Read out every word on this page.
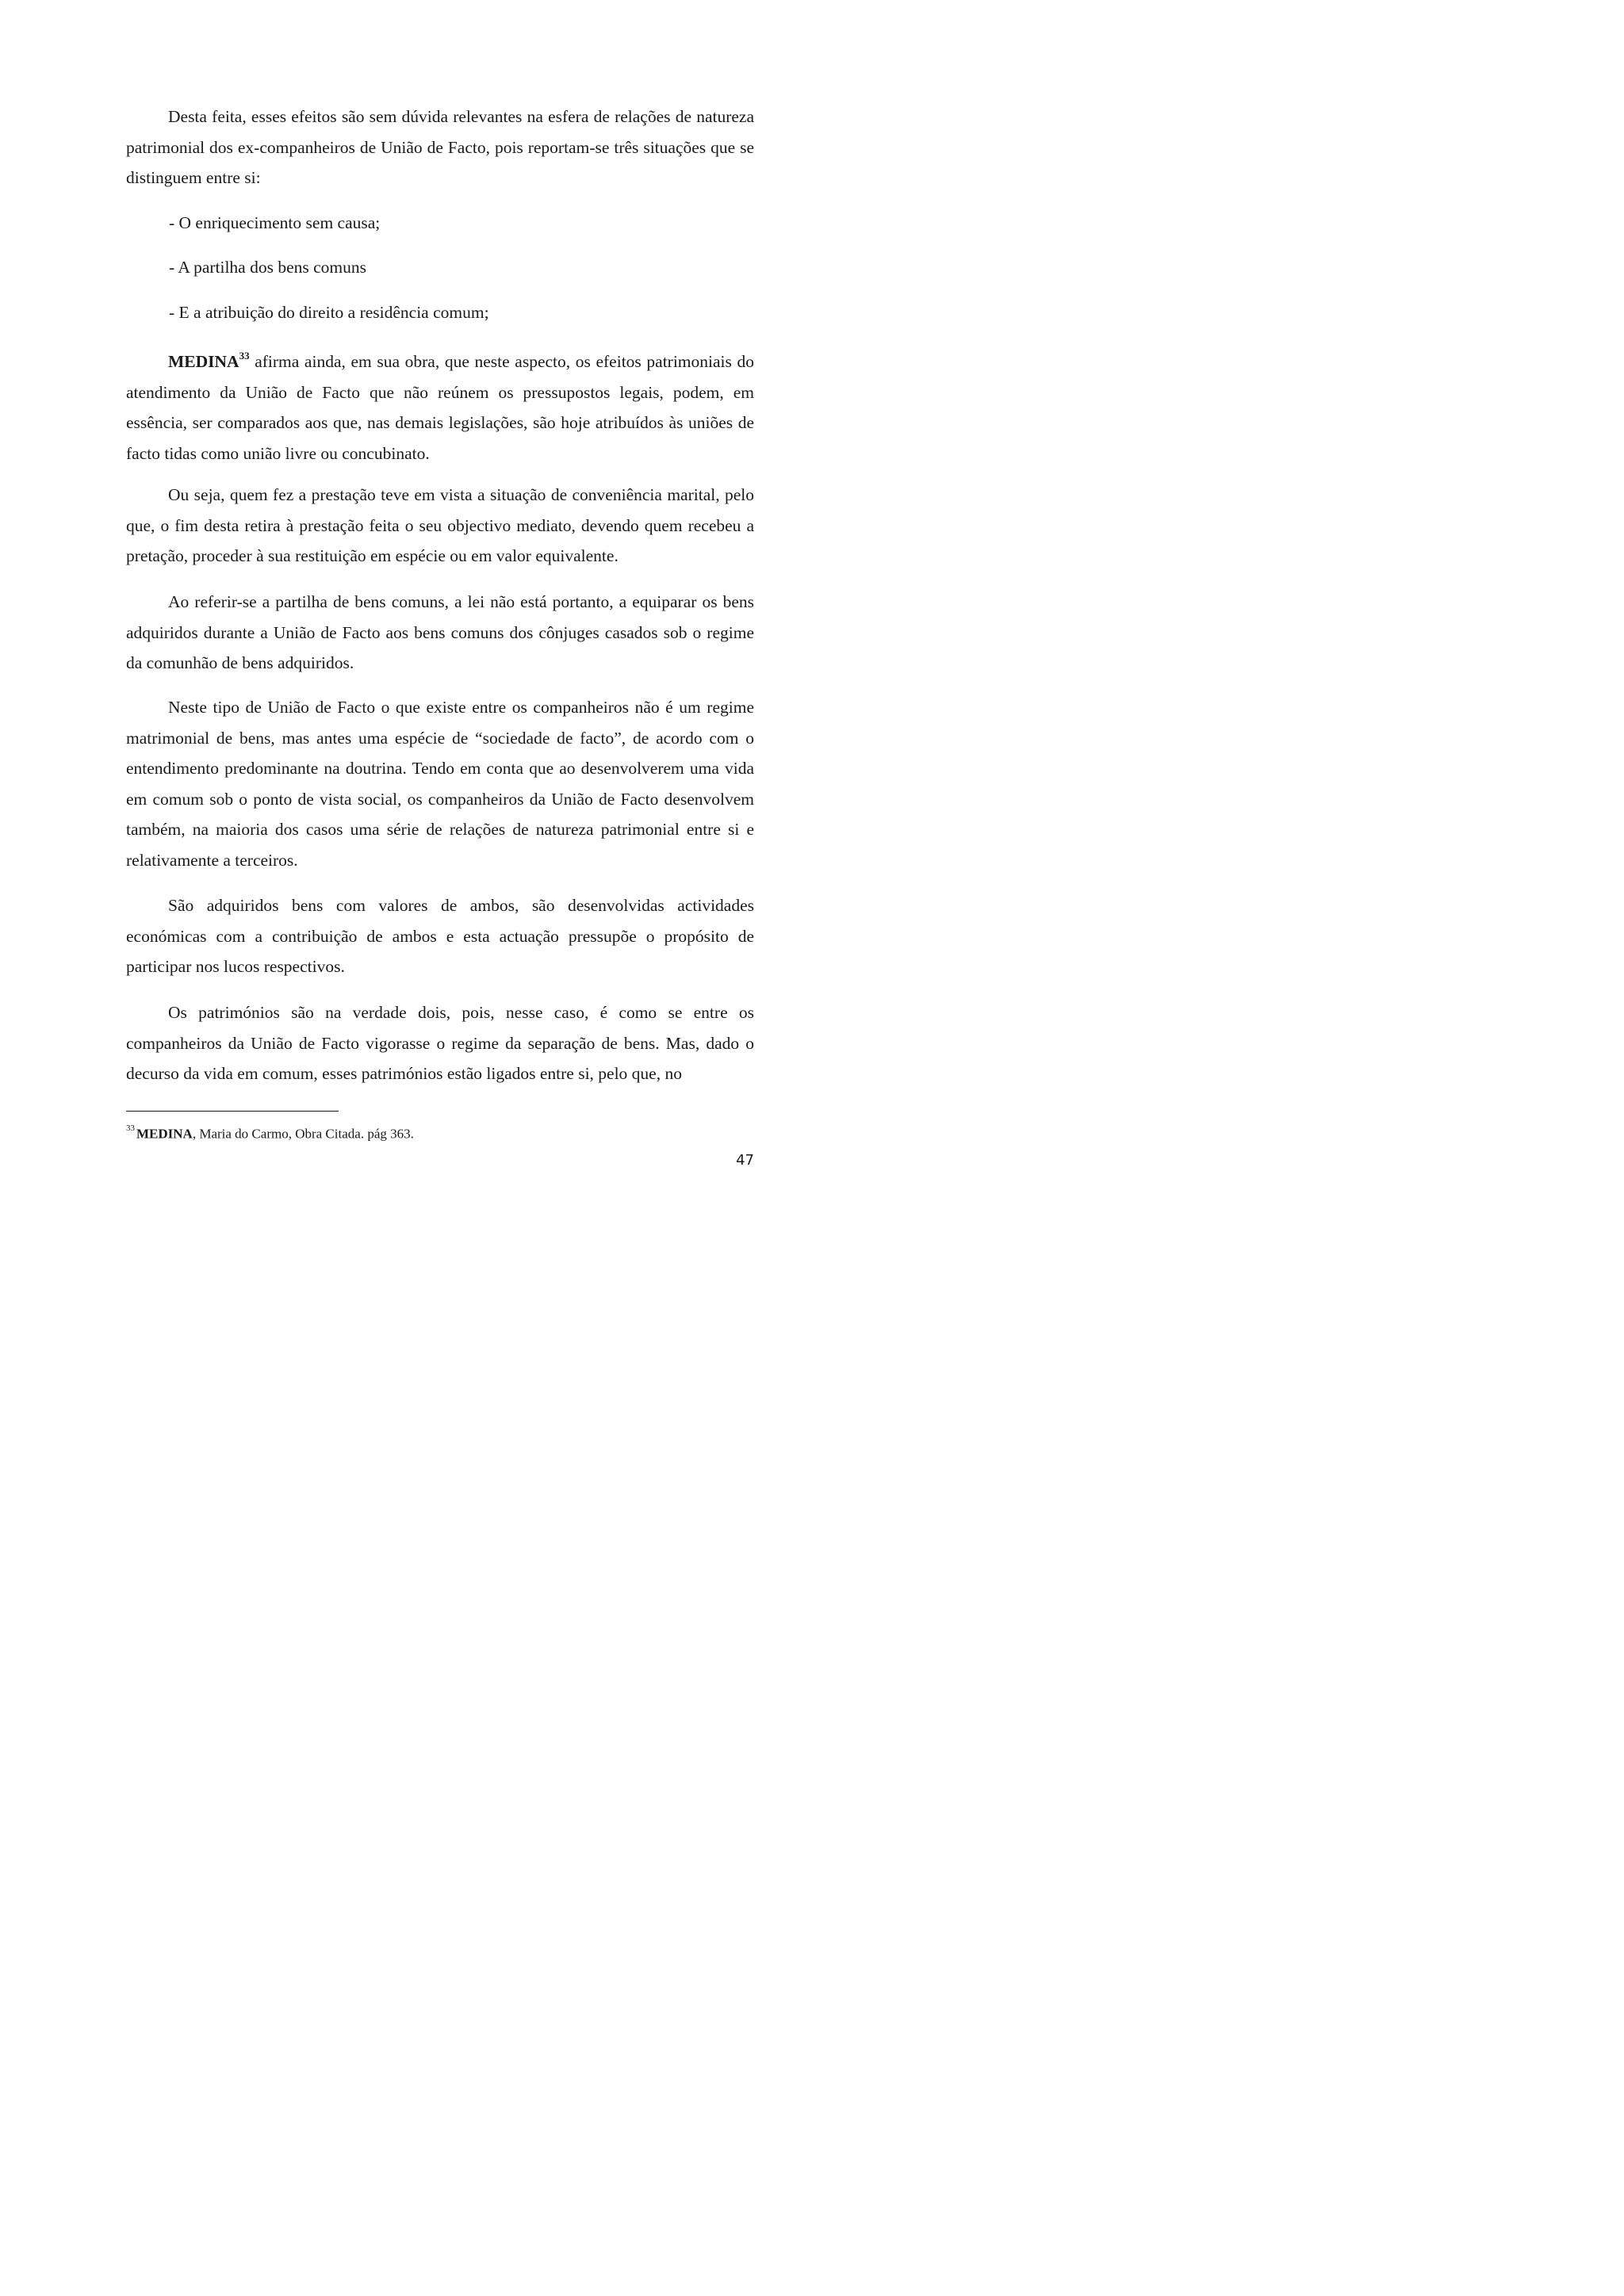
Desta feita, esses efeitos são sem dúvida relevantes na esfera de relações de natureza patrimonial dos ex-companheiros de União de Facto, pois reportam-se três situações que se distinguem entre si:

- O enriquecimento sem causa;

- A partilha dos bens comuns

- E a atribuição do direito a residência comum;

MEDINA$^{33}$ afirma ainda, em sua obra, que neste aspecto, os efeitos patrimoniais do atendimento da União de Facto que não reúnem os pressupostos legais, podem, em essência, ser comparados aos que, nas demais legislações, são hoje atribuídos às uniões de facto tidas como união livre ou concubinato.

Ou seja, quem fez a prestação teve em vista a situação de conveniência marital, pelo que, o fim desta retira à prestação feita o seu objectivo mediato, devendo quem recebeu a pretação, proceder à sua restituição em espécie ou em valor equivalente.

Ao referir-se a partilha de bens comuns, a lei não está portanto, a equiparar os bens adquiridos durante a União de Facto aos bens comuns dos cônjuges casados sob o regime da comunhão de bens adquiridos.

Neste tipo de União de Facto o que existe entre os companheiros não é um regime matrimonial de bens, mas antes uma espécie de “sociedade de facto”, de acordo com o entendimento predominante na doutrina. Tendo em conta que ao desenvolverem uma vida em comum sob o ponto de vista social, os companheiros da União de Facto desenvolvem também, na maioria dos casos uma série de relações de natureza patrimonial entre si e relativamente a terceiros.

São adquiridos bens com valores de ambos, são desenvolvidas actividades económicas com a contribuição de ambos e esta actuação pressupõe o propósito de participar nos lucos respectivos.

Os patrimónios são na verdade dois, pois, nesse caso, é como se entre os companheiros da União de Facto vigorasse o regime da separação de bens. Mas, dado o decurso da vida em comum, esses patrimónios estão ligados entre si, pelo que, no

$^{33}$ MEDINA, Maria do Carmo, Obra Citada. pág 363.
47
